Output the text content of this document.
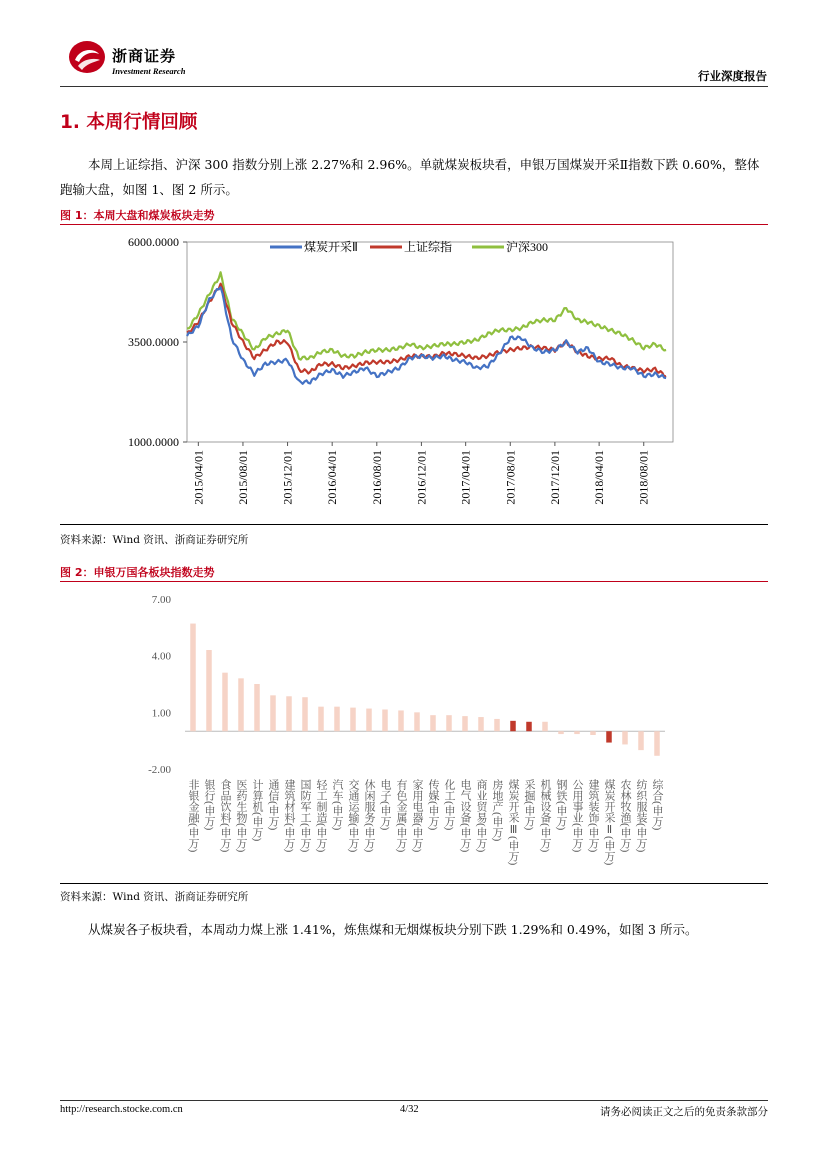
浙商证券
Investment Research	行业深度报告
1. 本周行情回顾
本周上证综指、沪深 300 指数分别上涨 2.27%和 2.96%。单就煤炭板块看，申银万国煤炭开采Ⅱ指数下跌 0.60%，整体跑输大盘，如图 1、图 2 所示。
图 1：本周大盘和煤炭板块走势
6000.0000
3500.0000
1000.0000
2015/04/01	2015/08/01	2015/12/01	2016/04/01	2016/08/01	2016/12/01	2017/04/01	2017/08/01	2017/12/01	2018/04/01	2018/08/01
煤炭开采Ⅱ	上证综指	沪深300
资料来源：Wind 资讯、浙商证券研究所
图 2：申银万国各板块指数走势
7.00
4.00
1.00
-2.00
非银金融(申万) 银行(申万) 食品饮料(申万) 医药生物(申万) 计算机(申万) 通信(申万) 建筑材料(申万) 国防军工(申万) 轻工制造(申万) 汽车(申万) 交通运输(申万) 休闲服务(申万) 电子(申万) 有色金属(申万) 家用电器(申万) 传媒(申万) 化工(申万) 电气设备(申万) 商业贸易(申万) 房地产(申万) 煤炭开采Ⅲ(申万) 采掘(申万) 机械设备(申万) 钢铁(申万) 公用事业(申万) 建筑装饰(申万) 煤炭开采Ⅱ(申万) 农林牧渔(申万) 纺织服装(申万) 综合(申万)
资料来源：Wind 资讯、浙商证券研究所
从煤炭各子板块看，本周动力煤上涨 1.41%，炼焦煤和无烟煤板块分别下跌 1.29%和 0.49%，如图 3 所示。
http://research.stocke.com.cn	4/32	请务必阅读正文之后的免责条款部分
